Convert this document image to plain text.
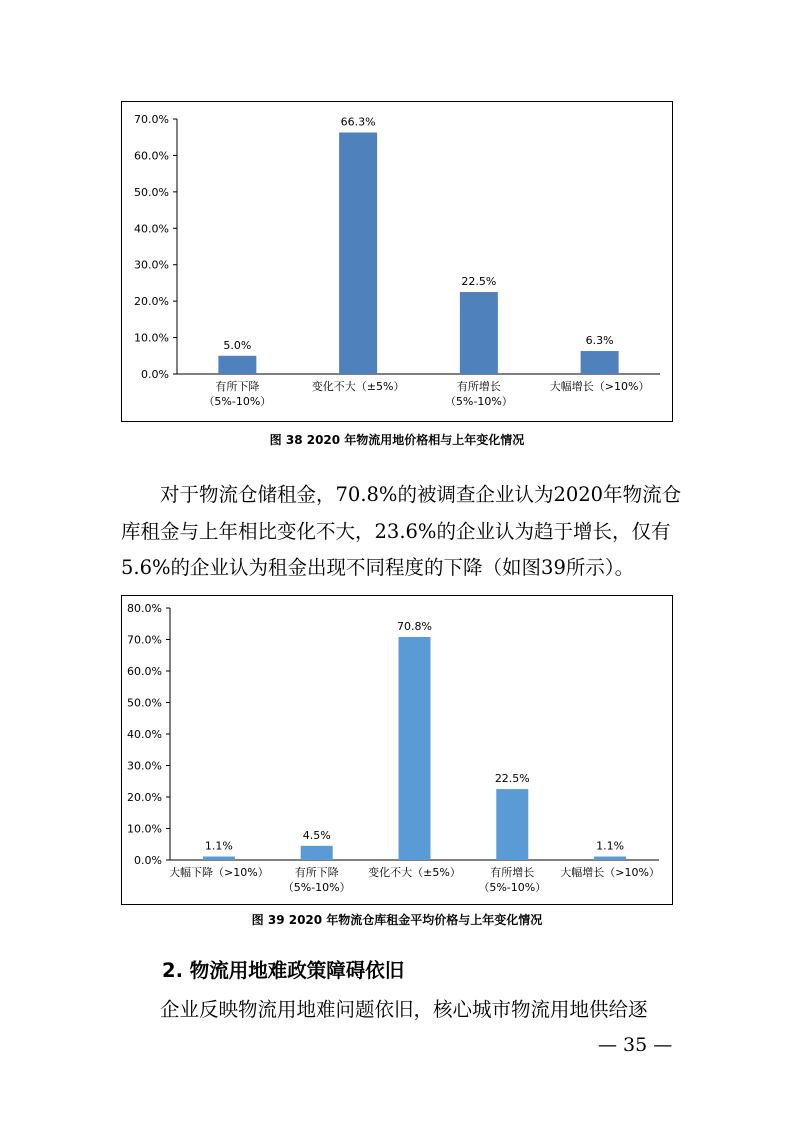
0.0%
10.0%
20.0%
30.0%
40.0%
50.0%
60.0%
70.0%
5.0%
有所下降
（5%-10%）
66.3%
变化不大（±5%）
22.5%
有所增长
（5%-10%）
6.3%
大幅增长（>10%）
图 38 2020 年物流用地价格相与上年变化情况
　　对于物流仓储租金，70.8%的被调查企业认为2020年物流仓
库租金与上年相比变化不大，23.6%的企业认为趋于增长，仅有
5.6%的企业认为租金出现不同程度的下降（如图39所示）。
0.0%
10.0%
20.0%
30.0%
40.0%
50.0%
60.0%
70.0%
80.0%
1.1%
大幅下降（>10%）
4.5%
有所下降
（5%-10%）
70.8%
变化不大（±5%）
22.5%
有所增长
（5%-10%）
1.1%
大幅增长（>10%）
图 39 2020 年物流仓库租金平均价格与上年变化情况
2. 物流用地难政策障碍依旧
　　企业反映物流用地难问题依旧，核心城市物流用地供给逐
— 35 —
